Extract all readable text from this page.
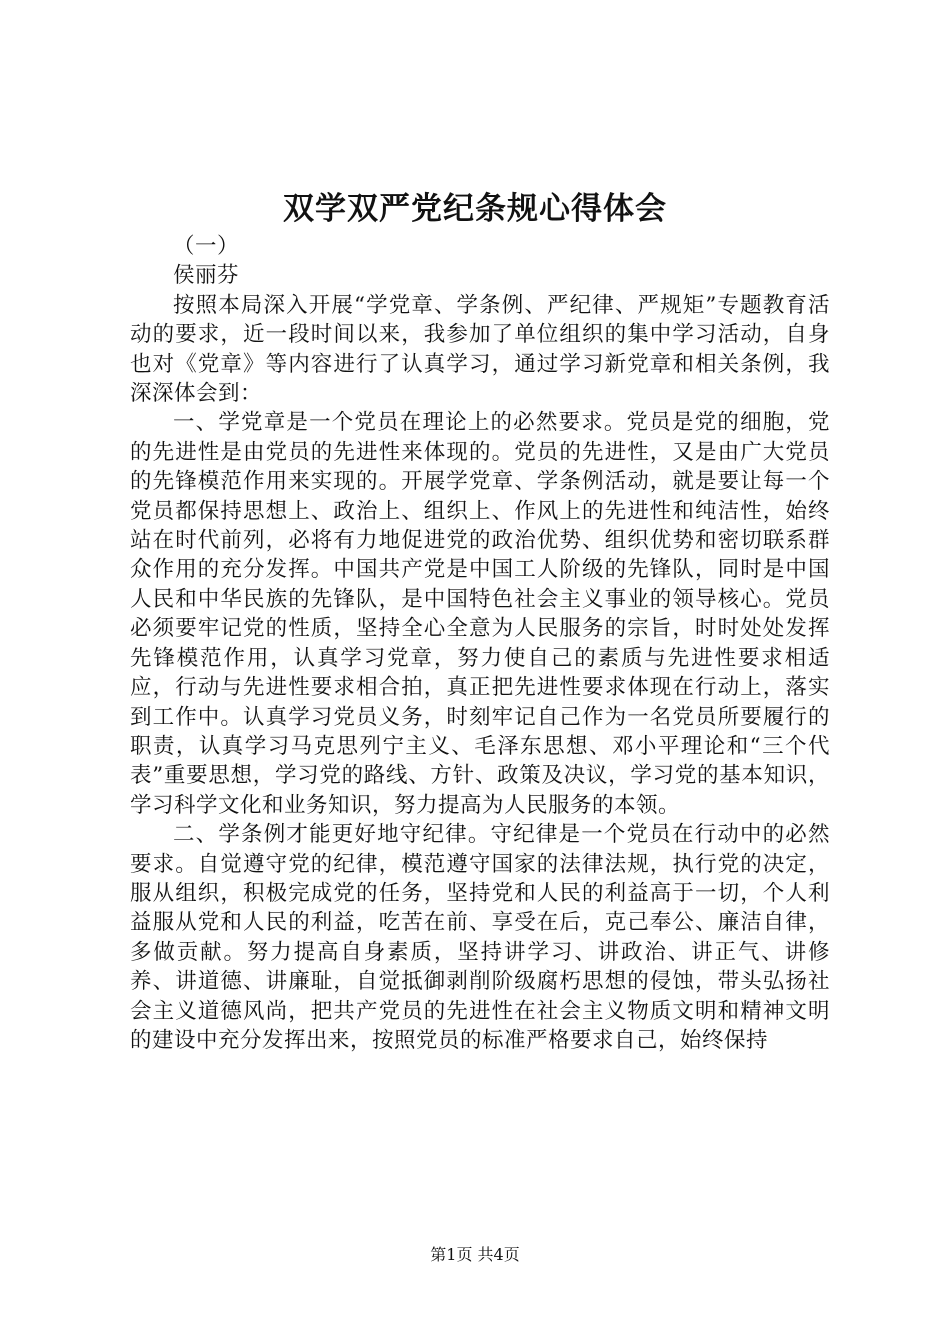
双学双严党纪条规心得体会

（一）

侯丽芬

按照本局深入开展“学党章、学条例、严纪律、严规矩”专题教育活动的要求，近一段时间以来，我参加了单位组织的集中学习活动，自身也对《党章》等内容进行了认真学习，通过学习新党章和相关条例，我深深体会到：

一、学党章是一个党员在理论上的必然要求。党员是党的细胞，党的先进性是由党员的先进性来体现的。党员的先进性，又是由广大党员的先锋模范作用来实现的。开展学党章、学条例活动，就是要让每一个党员都保持思想上、政治上、组织上、作风上的先进性和纯洁性，始终站在时代前列，必将有力地促进党的政治优势、组织优势和密切联系群众作用的充分发挥。中国共产党是中国工人阶级的先锋队，同时是中国人民和中华民族的先锋队，是中国特色社会主义事业的领导核心。党员必须要牢记党的性质，坚持全心全意为人民服务的宗旨，时时处处发挥先锋模范作用，认真学习党章，努力使自己的素质与先进性要求相适应，行动与先进性要求相合拍，真正把先进性要求体现在行动上，落实到工作中。认真学习党员义务，时刻牢记自己作为一名党员所要履行的职责，认真学习马克思列宁主义、毛泽东思想、邓小平理论和“三个代表”重要思想，学习党的路线、方针、政策及决议，学习党的基本知识，学习科学文化和业务知识，努力提高为人民服务的本领。

二、学条例才能更好地守纪律。守纪律是一个党员在行动中的必然要求。自觉遵守党的纪律，模范遵守国家的法律法规，执行党的决定，服从组织，积极完成党的任务，坚持党和人民的利益高于一切，个人利益服从党和人民的利益，吃苦在前、享受在后，克己奉公、廉洁自律，多做贡献。努力提高自身素质，坚持讲学习、讲政治、讲正气、讲修养、讲道德、讲廉耻，自觉抵御剥削阶级腐朽思想的侵蚀，带头弘扬社会主义道德风尚，把共产党员的先进性在社会主义物质文明和精神文明的建设中充分发挥出来，按照党员的标准严格要求自己，始终保持

第1页 共4页
